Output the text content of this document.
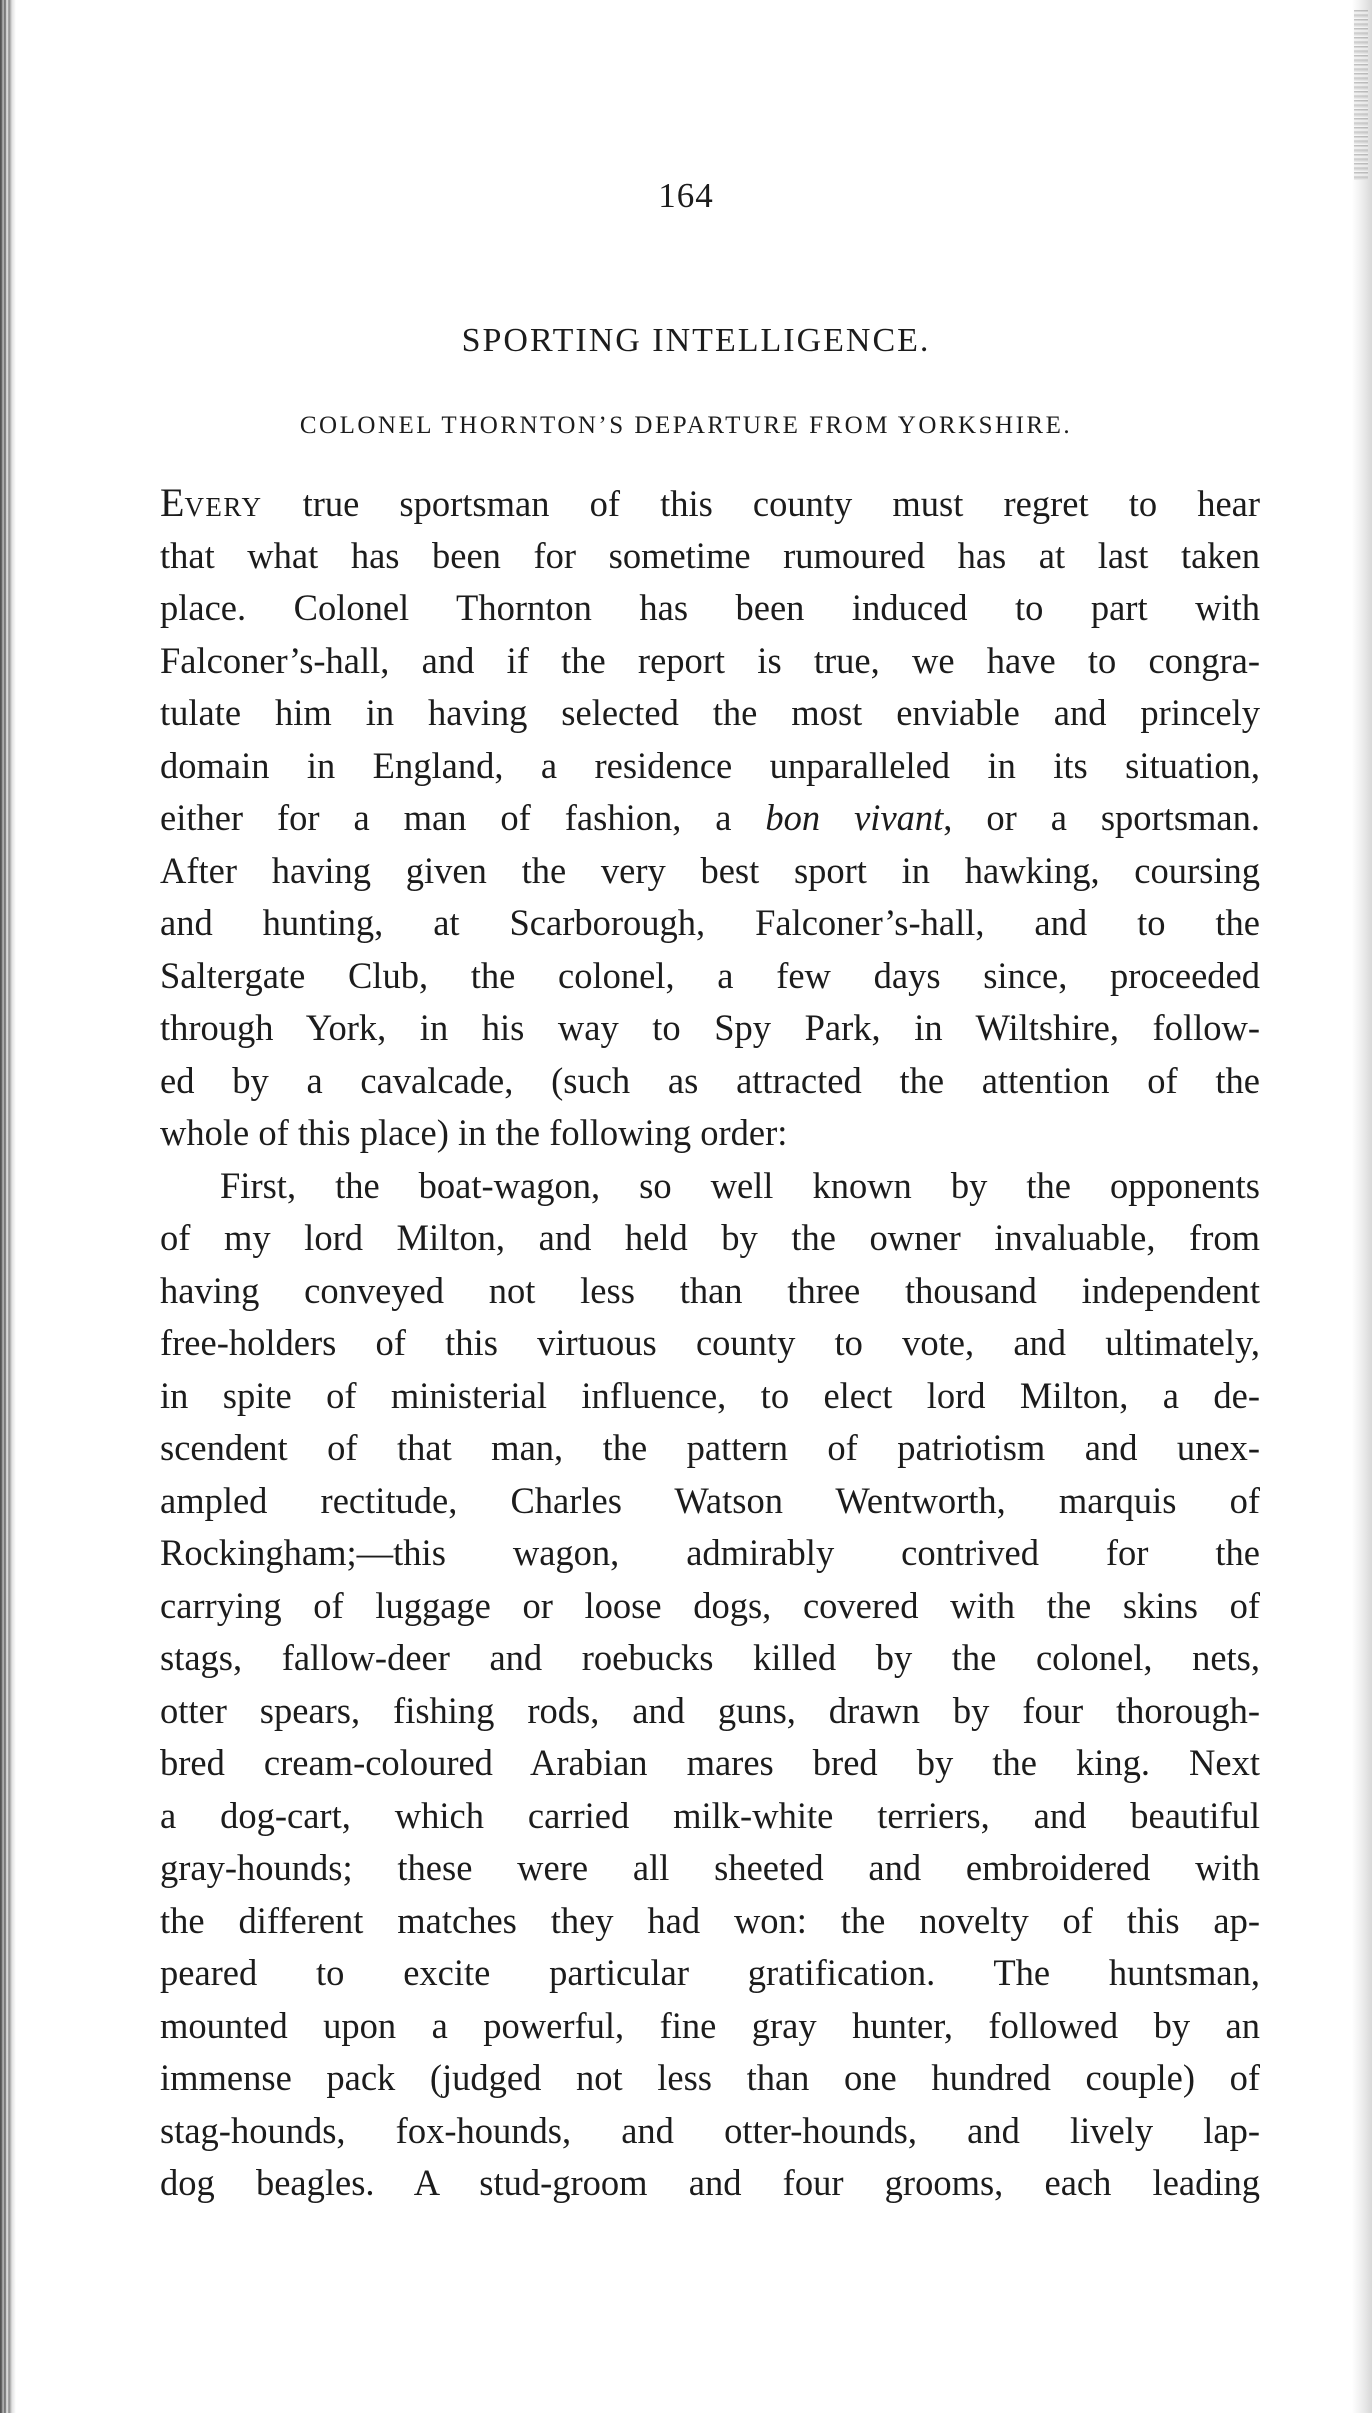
164
SPORTING INTELLIGENCE.
COLONEL THORNTON’S DEPARTURE FROM YORKSHIRE.
EVERY true sportsman of this county must regret to hear
that what has been for sometime rumoured has at last taken
place. Colonel Thornton has been induced to part with
Falconer’s-hall, and if the report is true, we have to congra-
tulate him in having selected the most enviable and princely
domain in England, a residence unparalleled in its situation,
either for a man of fashion, a bon vivant, or a sportsman.
After having given the very best sport in hawking, coursing
and hunting, at Scarborough, Falconer’s-hall, and to the
Saltergate Club, the colonel, a few days since, proceeded
through York, in his way to Spy Park, in Wiltshire, follow-
ed by a cavalcade, (such as attracted the attention of the
whole of this place) in the following order:
First, the boat-wagon, so well known by the opponents
of my lord Milton, and held by the owner invaluable, from
having conveyed not less than three thousand independent
free-holders of this virtuous county to vote, and ultimately,
in spite of ministerial influence, to elect lord Milton, a de-
scendent of that man, the pattern of patriotism and unex-
ampled rectitude, Charles Watson Wentworth, marquis of
Rockingham;—this wagon, admirably contrived for the
carrying of luggage or loose dogs, covered with the skins of
stags, fallow-deer and roebucks killed by the colonel, nets,
otter spears, fishing rods, and guns, drawn by four thorough-
bred cream-coloured Arabian mares bred by the king. Next
a dog-cart, which carried milk-white terriers, and beautiful
gray-hounds; these were all sheeted and embroidered with
the different matches they had won: the novelty of this ap-
peared to excite particular gratification. The huntsman,
mounted upon a powerful, fine gray hunter, followed by an
immense pack (judged not less than one hundred couple) of
stag-hounds, fox-hounds, and otter-hounds, and lively lap-
dog beagles. A stud-groom and four grooms, each leading
